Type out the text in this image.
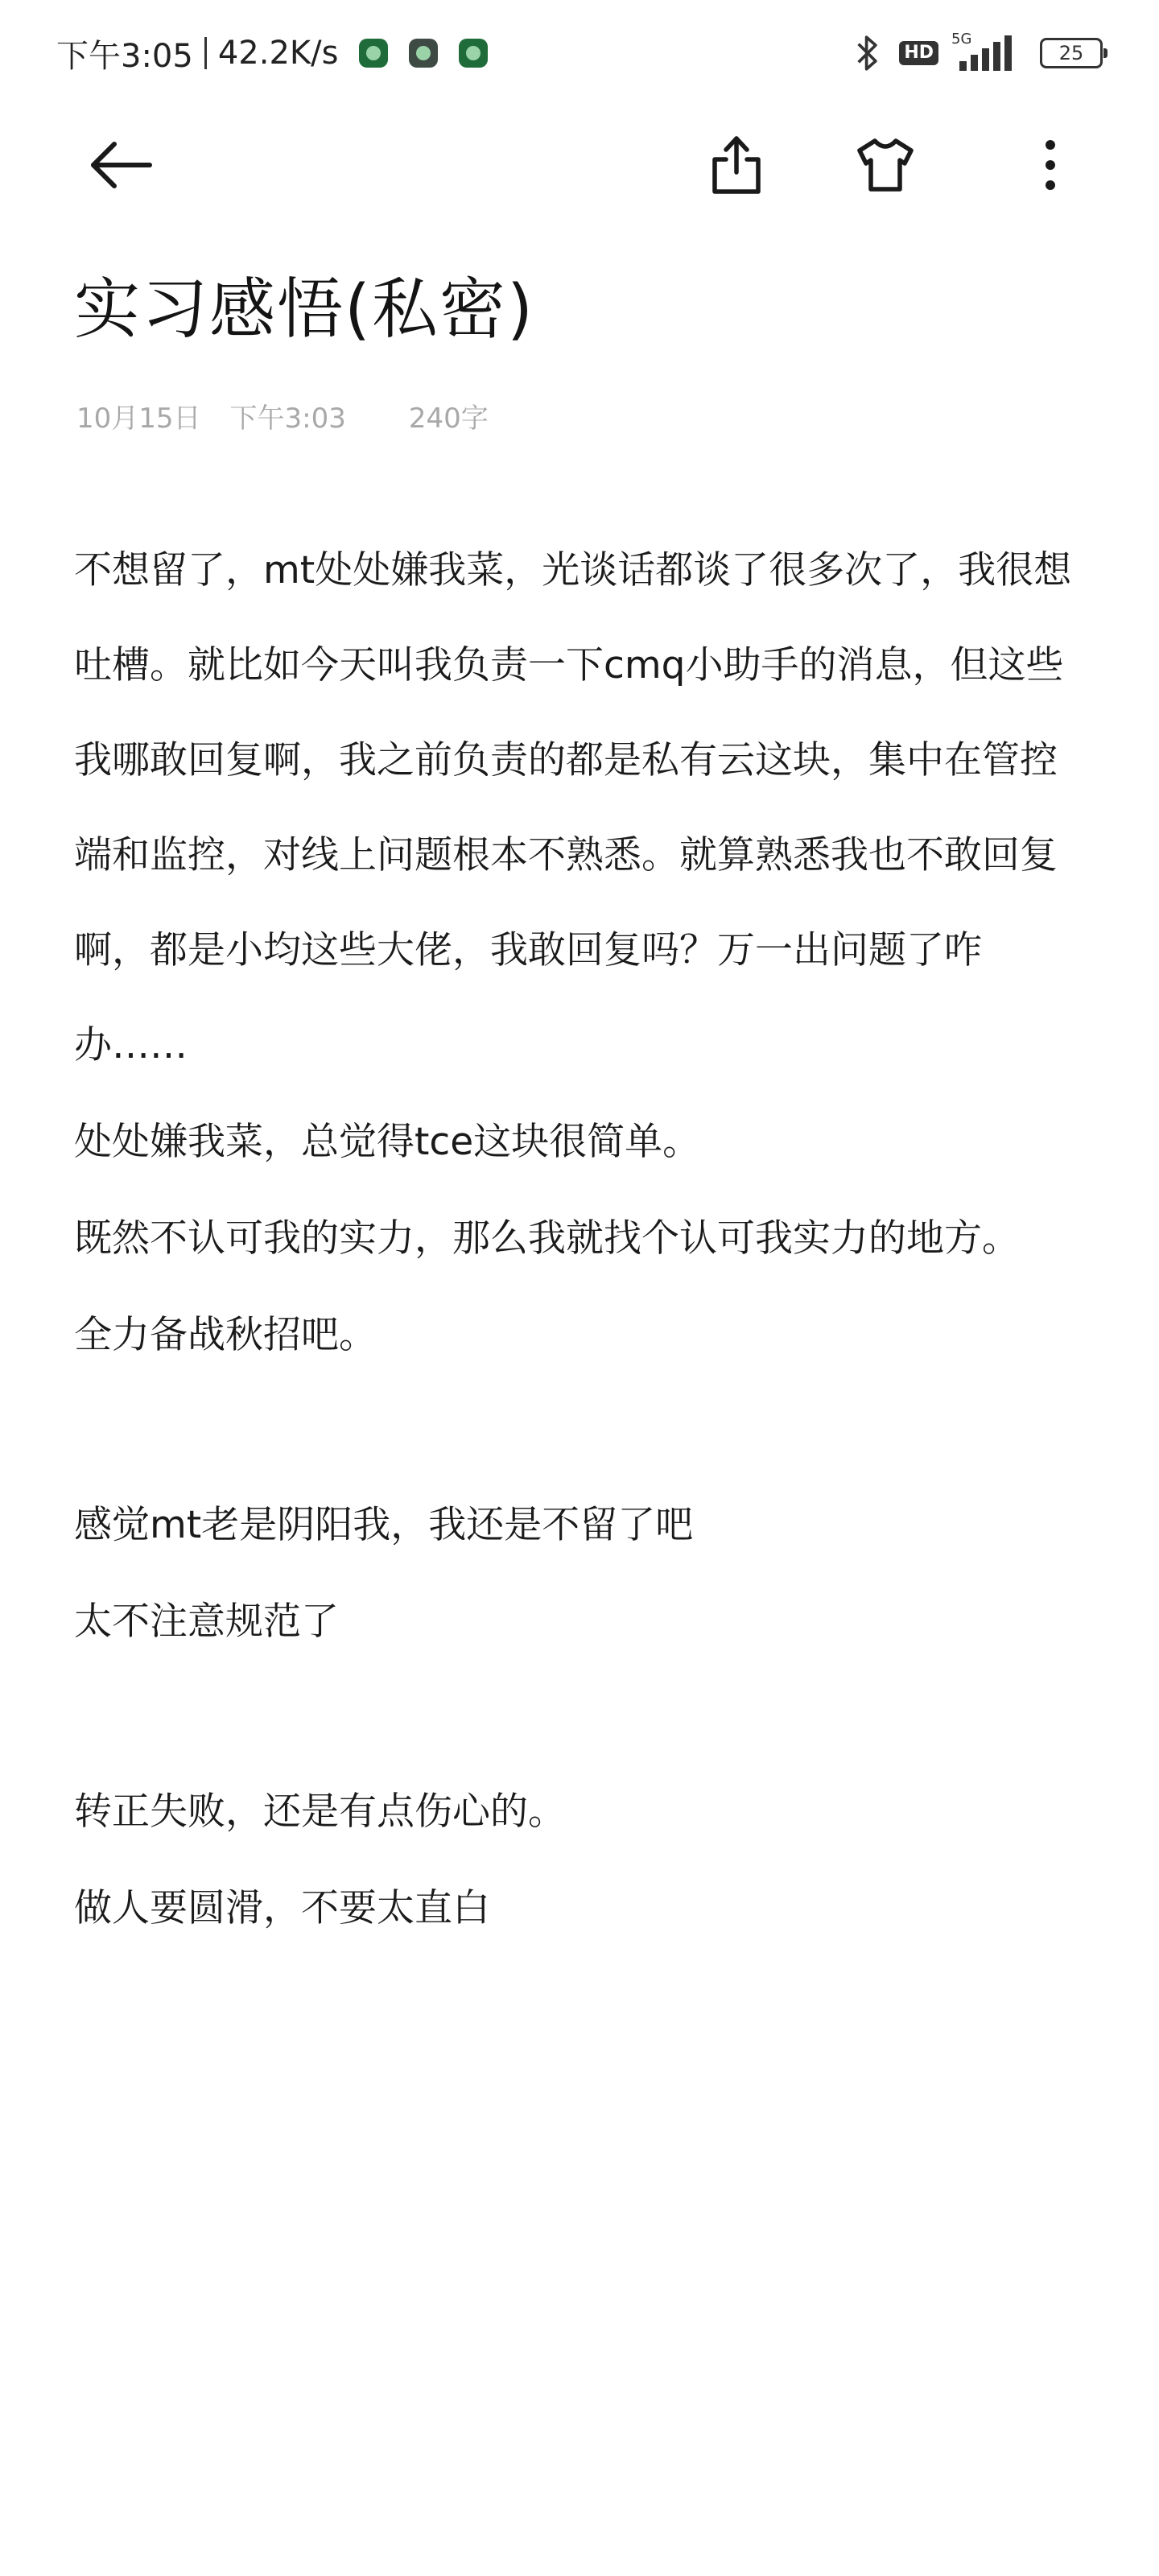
下午3:05 42.2K/s	HD
5G
25
实习感悟(私密)
10月15日 下午3:03 240字

不想留了，mt处处嫌我菜，光谈话都谈了很多次了，我很想吐槽。就比如今天叫我负责一下cmq小助手的消息，但这些我哪敢回复啊，我之前负责的都是私有云这块，集中在管控端和监控，对线上问题根本不熟悉。就算熟悉我也不敢回复啊，都是小均这些大佬，我敢回复吗？万一出问题了咋办……

处处嫌我菜，总觉得tce这块很简单。

既然不认可我的实力，那么我就找个认可我实力的地方。

全力备战秋招吧。

感觉mt老是阴阳我，我还是不留了吧

太不注意规范了

转正失败，还是有点伤心的。

做人要圆滑，不要太直白
